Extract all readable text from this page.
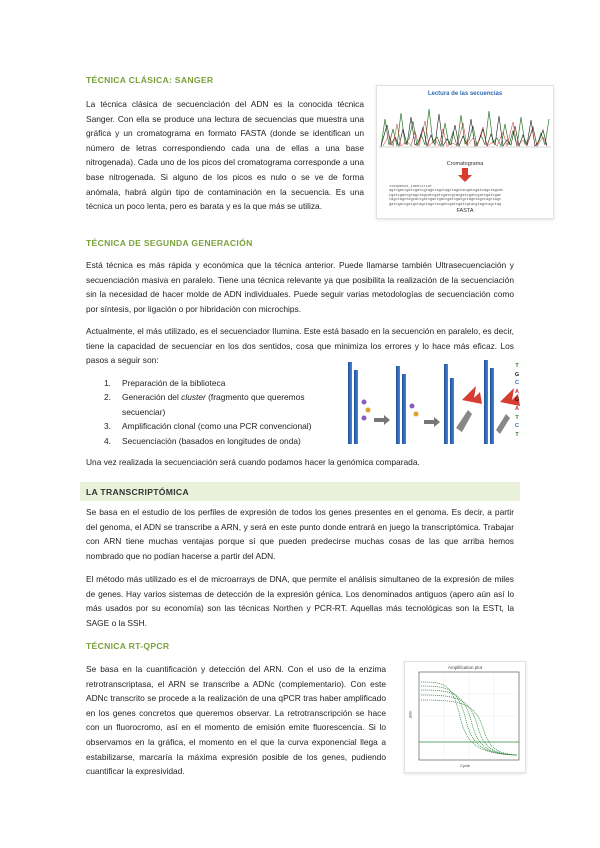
TÉCNICA CLÁSICA: SANGER

La técnica clásica de secuenciación del ADN es la conocida técnica Sanger. Con ella se produce una lectura de secuencias que muestra una gráfica y un cromatograma en formato FASTA (donde se identifican un número de letras correspondiendo cada una de ellas a una base nitrogenada). Cada uno de los picos del cromatograma corresponde a una base nitrogenada. Si alguno de los picos es nulo o se ve de forma anómala, habrá algún tipo de contaminación en la secuencia. Es una técnica un poco lenta, pero es barata y es la que más se utiliza.

Lectura de las secuencias
Cromatograma
>sequence_identifier
agtcgatcgatcgatcgtagctagctagctagctacgatcgatcagctagcat
cgatcgatcgtagctagcatcgatcgatcgtacgatcgatcgatcgatcgat
tagctagctagcatcgatcgactgatcgatcgatgctagctagctagctagc
gatcgatcgatgctagctagctacgatcgatcgatcgtacgtagctagctag
FASTA
TÉCNICA DE SEGUNDA GENERACIÓN

Está técnica es más rápida y económica que la técnica anterior. Puede llamarse también Ultrasecuenciación y secuenciación masiva en paralelo. Tiene una técnica relevante ya que posibilita la realización de la secuenciación sin la necesidad de hacer molde de ADN individuales. Puede seguir varias metodologías de secuenciación como por síntesis, por ligación o por hibridación con microchips.

Actualmente, el más utilizado, es el secuenciador Ilumina. Este está basado en la secuención en paralelo, es decir, tiene la capacidad de secuenciar en los dos sentidos, cosa que minimiza los errores y lo hace más eficaz. Los pasos a seguir son:

1. Preparación de la biblioteca
2. Generación del cluster (fragmento que queremos secuenciar)
3. Amplificación clonal (como una PCR convencional)
4. Secuenciación (basados en longitudes de onda)
T
G
C
A
G
A
T
C
T

Una vez realizada la secuenciación será cuando podamos hacer la genómica comparada.

LA TRANSCRIPTÓMICA

Se basa en el estudio de los perfiles de expresión de todos los genes presentes en el genoma. Es decir, a partir del genoma, el ADN se transcribe a ARN, y será en este punto donde entrará en juego la transcriptómica. Trabajar con ARN tiene muchas ventajas porque sí que pueden predecirse muchas cosas de las que arriba hemos nombrado que no podían hacerse a partir del ADN.

El método más utilizado es el de microarrays de DNA, que permite el análisis simultaneo de la expresión de miles de genes. Hay varios sistemas de detección de la expresión génica. Los denominados antiguos (apero aún así lo más usados por su economía) son las técnicas Northen y PCR-RT. Aquellas más tecnológicas son la ESTt, la SAGE o la SSH.

TÉCNICA RT-QPCR

Se basa en la cuantificación y detección del ARN. Con el uso de la enzima retrotranscriptasa, el ARN se transcribe a ADNc (complementario). Con este ADNc transcrito se procede a la realización de una qPCR tras haber amplificado en los genes concretos que queremos observar. La retrotranscripción se hace con un fluorocromo, así en el momento de emisión emite fluorescencia. Si lo observamos en la gráfica, el momento en el que la curva exponencial llega a estabilizarse, marcaría la máxima expresión posible de los genes, pudiendo cuantificar la expresividad.

Amplification plot
Cycle
ΔRn
